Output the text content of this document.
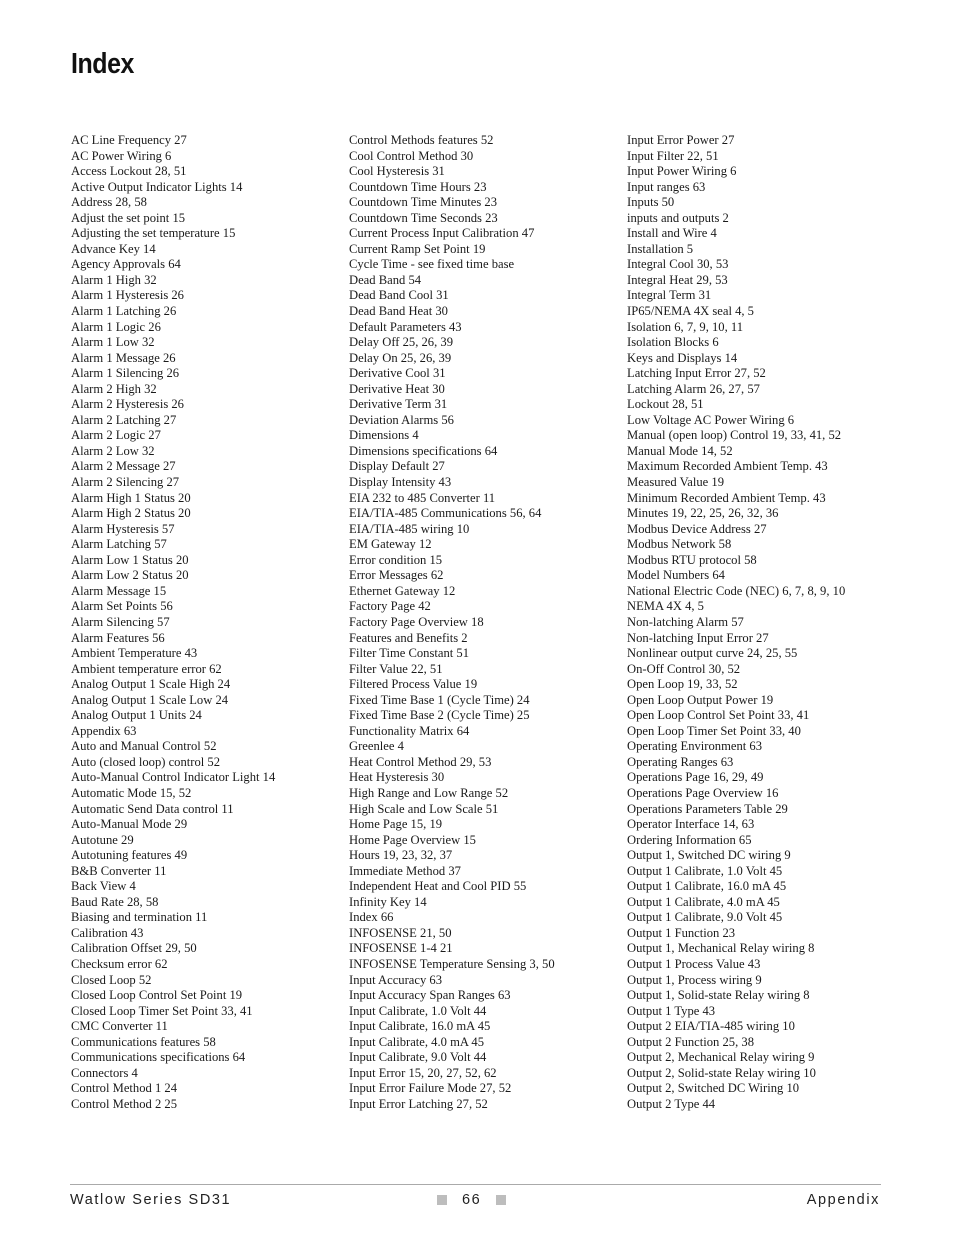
Index
AC Line Frequency 27
AC Power Wiring 6
Access Lockout 28, 51
Active Output Indicator Lights 14
Address 28, 58
Adjust the set point 15
Adjusting the set temperature 15
Advance Key 14
Agency Approvals 64
Alarm 1 High 32
Alarm 1 Hysteresis 26
Alarm 1 Latching 26
Alarm 1 Logic 26
Alarm 1 Low 32
Alarm 1 Message 26
Alarm 1 Silencing 26
Alarm 2 High 32
Alarm 2 Hysteresis 26
Alarm 2 Latching 27
Alarm 2 Logic 27
Alarm 2 Low 32
Alarm 2 Message 27
Alarm 2 Silencing 27
Alarm High 1 Status 20
Alarm High 2 Status 20
Alarm Hysteresis 57
Alarm Latching 57
Alarm Low 1 Status 20
Alarm Low 2 Status 20
Alarm Message 15
Alarm Set Points 56
Alarm Silencing 57
Alarm Features 56
Ambient Temperature 43
Ambient temperature error 62
Analog Output 1 Scale High 24
Analog Output 1 Scale Low 24
Analog Output 1 Units 24
Appendix 63
Auto and Manual Control 52
Auto (closed loop) control 52
Auto-Manual Control Indicator Light 14
Automatic Mode 15, 52
Automatic Send Data control 11
Auto-Manual Mode 29
Autotune 29
Autotuning features 49
B&B Converter 11
Back View 4
Baud Rate 28, 58
Biasing and termination 11
Calibration 43
Calibration Offset 29, 50
Checksum error 62
Closed Loop 52
Closed Loop Control Set Point 19
Closed Loop Timer Set Point 33, 41
CMC Converter 11
Communications features 58
Communications specifications 64
Connectors 4
Control Method 1 24
Control Method 2 25
Control Methods features 52
Cool Control Method 30
Cool Hysteresis 31
Countdown Time Hours 23
Countdown Time Minutes 23
Countdown Time Seconds 23
Current Process Input Calibration 47
Current Ramp Set Point 19
Cycle Time - see fixed time base
Dead Band 54
Dead Band Cool 31
Dead Band Heat 30
Default Parameters 43
Delay Off 25, 26, 39
Delay On 25, 26, 39
Derivative Cool 31
Derivative Heat 30
Derivative Term 31
Deviation Alarms 56
Dimensions 4
Dimensions specifications 64
Display Default 27
Display Intensity 43
EIA 232 to 485 Converter 11
EIA/TIA-485 Communications 56, 64
EIA/TIA-485 wiring 10
EM Gateway 12
Error condition 15
Error Messages 62
Ethernet Gateway 12
Factory Page 42
Factory Page Overview 18
Features and Benefits 2
Filter Time Constant 51
Filter Value 22, 51
Filtered Process Value 19
Fixed Time Base 1 (Cycle Time) 24
Fixed Time Base 2 (Cycle Time) 25
Functionality Matrix 64
Greenlee 4
Heat Control Method 29, 53
Heat Hysteresis 30
High Range and Low Range 52
High Scale and Low Scale 51
Home Page 15, 19
Home Page Overview 15
Hours 19, 23, 32, 37
Immediate Method 37
Independent Heat and Cool PID 55
Infinity Key 14
Index 66
INFOSENSE 21, 50
INFOSENSE 1-4 21
INFOSENSE Temperature Sensing 3, 50
Input Accuracy 63
Input Accuracy Span Ranges 63
Input Calibrate, 1.0 Volt 44
Input Calibrate, 16.0 mA 45
Input Calibrate, 4.0 mA 45
Input Calibrate, 9.0 Volt 44
Input Error 15, 20, 27, 52, 62
Input Error Failure Mode 27, 52
Input Error Latching 27, 52
Input Error Power 27
Input Filter 22, 51
Input Power Wiring 6
Input ranges 63
Inputs 50
inputs and outputs 2
Install and Wire 4
Installation 5
Integral Cool 30, 53
Integral Heat 29, 53
Integral Term 31
IP65/NEMA 4X seal 4, 5
Isolation 6, 7, 9, 10, 11
Isolation Blocks 6
Keys and Displays 14
Latching Input Error 27, 52
Latching Alarm 26, 27, 57
Lockout 28, 51
Low Voltage AC Power Wiring 6
Manual (open loop) Control 19, 33, 41, 52
Manual Mode 14, 52
Maximum Recorded Ambient Temp. 43
Measured Value 19
Minimum Recorded Ambient Temp. 43
Minutes 19, 22, 25, 26, 32, 36
Modbus Device Address 27
Modbus Network 58
Modbus RTU protocol 58
Model Numbers 64
National Electric Code (NEC) 6, 7, 8, 9, 10
NEMA 4X 4, 5
Non-latching Alarm 57
Non-latching Input Error 27
Nonlinear output curve 24, 25, 55
On-Off Control 30, 52
Open Loop 19, 33, 52
Open Loop Output Power 19
Open Loop Control Set Point 33, 41
Open Loop Timer Set Point 33, 40
Operating Environment 63
Operating Ranges 63
Operations Page 16, 29, 49
Operations Page Overview 16
Operations Parameters Table 29
Operator Interface 14, 63
Ordering Information 65
Output 1, Switched DC wiring 9
Output 1 Calibrate, 1.0 Volt 45
Output 1 Calibrate, 16.0 mA 45
Output 1 Calibrate, 4.0 mA 45
Output 1 Calibrate, 9.0 Volt 45
Output 1 Function 23
Output 1, Mechanical Relay wiring 8
Output 1 Process Value 43
Output 1, Process wiring 9
Output 1, Solid-state Relay wiring 8
Output 1 Type 43
Output 2 EIA/TIA-485 wiring 10
Output 2 Function 25, 38
Output 2, Mechanical Relay wiring 9
Output 2, Solid-state Relay wiring 10
Output 2, Switched DC Wiring 10
Output 2 Type 44
Watlow Series SD31	66	Appendix
